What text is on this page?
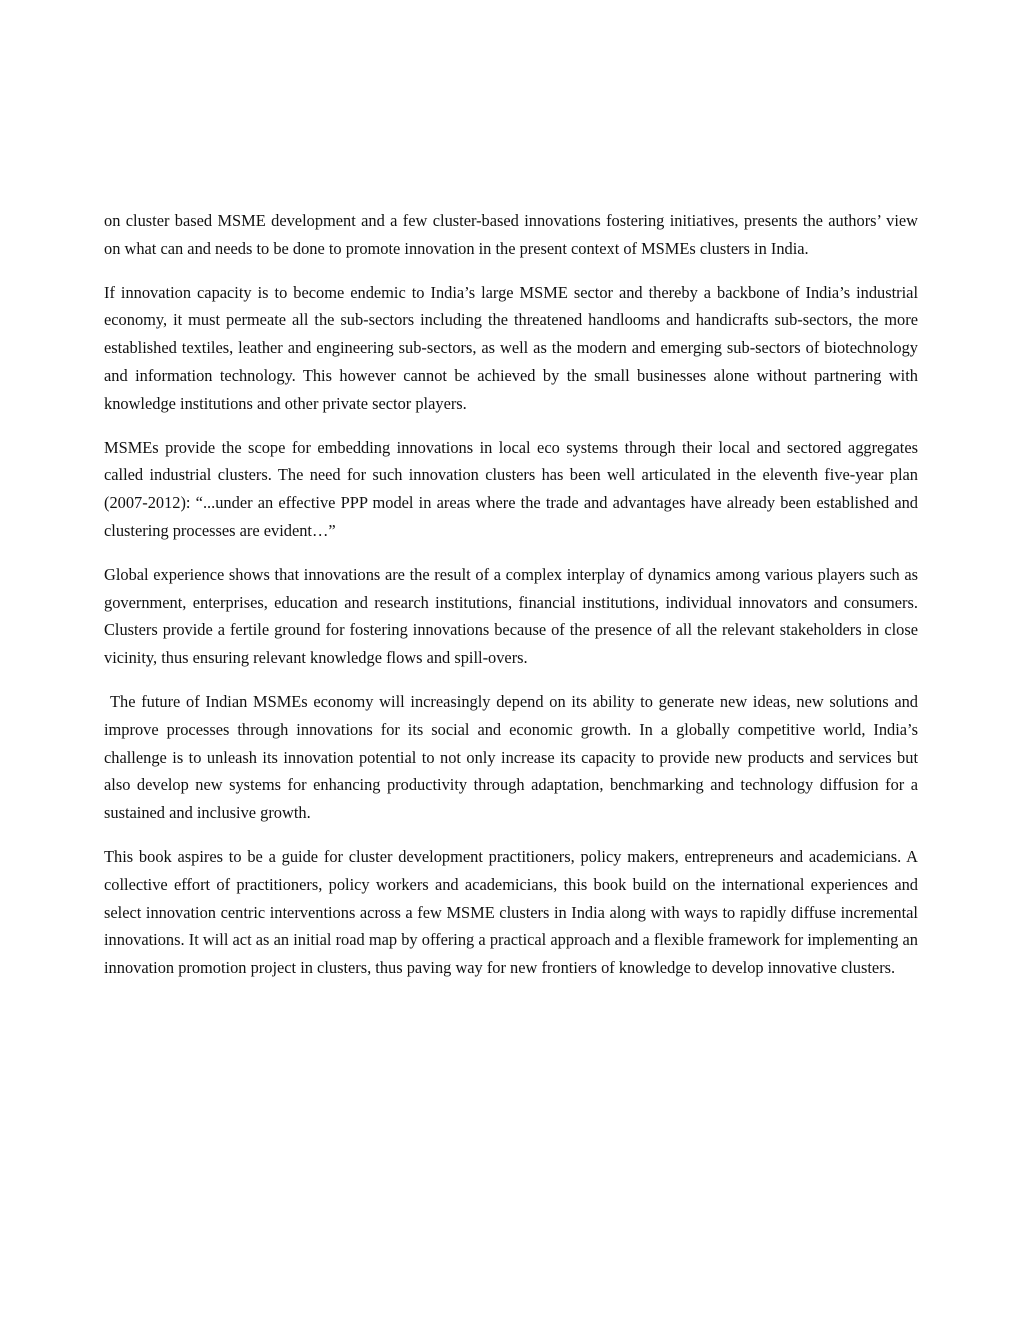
on cluster based MSME development and a few cluster-based innovations fostering initiatives, presents the authors’ view on what can and needs to be done to promote innovation in the present context of MSMEs clusters in India.

If innovation capacity is to become endemic to India’s large MSME sector and thereby a backbone of India’s industrial economy, it must permeate all the sub-sectors including the threatened handlooms and handicrafts sub-sectors, the more established textiles, leather and engineering sub-sectors, as well as the modern and emerging sub-sectors of biotechnology and information technology. This however cannot be achieved by the small businesses alone without partnering with knowledge institutions and other private sector players.

MSMEs provide the scope for embedding innovations in local eco systems through their local and sectored aggregates called industrial clusters. The need for such innovation clusters has been well articulated in the eleventh five-year plan (2007-2012): “...under an effective PPP model in areas where the trade and advantages have already been established and clustering processes are evident…”

Global experience shows that innovations are the result of a complex interplay of dynamics among various players such as government, enterprises, education and research institutions, financial institutions, individual innovators and consumers. Clusters provide a fertile ground for fostering innovations because of the presence of all the relevant stakeholders in close vicinity, thus ensuring relevant knowledge flows and spill-overs.

The future of Indian MSMEs economy will increasingly depend on its ability to generate new ideas, new solutions and improve processes through innovations for its social and economic growth. In a globally competitive world, India’s challenge is to unleash its innovation potential to not only increase its capacity to provide new products and services but also develop new systems for enhancing productivity through adaptation, benchmarking and technology diffusion for a sustained and inclusive growth.

This book aspires to be a guide for cluster development practitioners, policy makers, entrepreneurs and academicians. A collective effort of practitioners, policy workers and academicians, this book build on the international experiences and select innovation centric interventions across a few MSME clusters in India along with ways to rapidly diffuse incremental innovations. It will act as an initial road map by offering a practical approach and a flexible framework for implementing an innovation promotion project in clusters, thus paving way for new frontiers of knowledge to develop innovative clusters.
